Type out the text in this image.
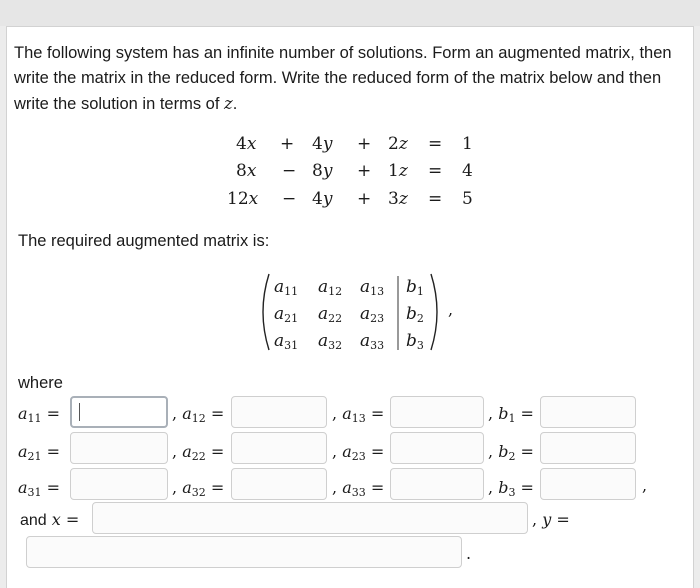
The following system has an infinite number of solutions. Form an augmented matrix, then write the matrix in the reduced form. Write the reduced form of the matrix below and then write the solution in terms of z.

4x + 4y + 2z = 1
8x − 8y + 1z = 4
12x − 4y + 3z = 5
The required augmented matrix is:
$a_{11}$ $a_{12}$ $a_{13}$ $b_1$
$a_{21}$ $a_{22}$ $a_{23}$ $b_2$
$a_{31}$ $a_{32}$ $a_{33}$ $b_3$
,
where
$a_{11}$ =	, $a_{12}$ =	, $a_{13}$ =	, $b_1$ =
$a_{21}$ =	, $a_{22}$ =	, $a_{23}$ =	, $b_2$ =
$a_{31}$ =	, $a_{32}$ =	, $a_{33}$ =	, $b_3$ =	,
and x =	, y =
.
